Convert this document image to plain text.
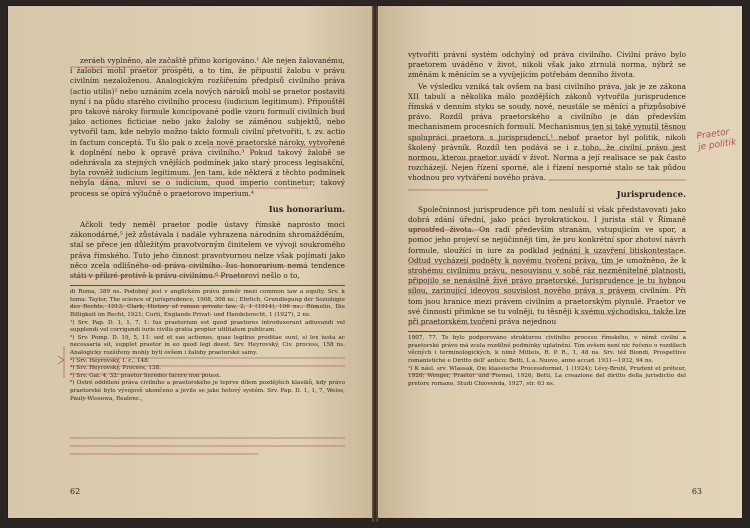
zeráeh vyplněno, ale začaště přímo korigováno.¹ Ale nejen žalovanému, i žalobci mohl praetor prospěti, a to tím, že připustil žalobu v právu civilním nezaloženou. Analogickým rozšířením předpisů civilního práva (actio utilis)² nebo uznáním zcela nových nároků mohl se praetor postaviti nyní i na půdu starého civilního procesu (iudicium legitimum). Připouštěl pro takové nároky formule koncipované podle vzoru formulí civilních bud jako actiones ficticiae nebo jako žaloby se záměnou subjektů, nebo vytvořil tam, kde nebylo možno takto formuli civilní přetvořiti, t. zv. actio in factum conceptá. Tu šlo pak o zcela nové praetorské nároky, vytvořené k doplnění nebo k opravě práva civilního.³ Pokud takový žalobě se odehrávala za stejných vnějších podmínek jako starý process legisakční, byla rovněž iudicium legitimum. Jen tam, kde některá z těchto podmínek nebyla dána, mluví se o iudicium, quod imperio continetur; takový process se opírá výlučně o praetorovo imperium.⁴

Ius honorarium.

Ačkoli tedy neměl praetor podle ústavy římské naprosto moci zákonodárné,⁵ jež zůstávala i nadále vyhrazena národním shromážděním, stal se přece jen důležitým pravotvorným činitelem ve vývoji soukromého práva římského. Tuto jeho činnost pravotvornou nelze však pojímati jako něco zcela odlišného od práva civilního. Ius honorarium nemá tendence státi v přikré protivě k právu civilnímu.⁶ Praetorovi nešlo o to,

di Roma, 389 ns. Podobný jest v anglickém právu poměr mezi common law a equity. Srv. k tomu: Taylor, The science of jurisprudence, 1908, 308 ns.; Ehrlich, Grundlegung der Soziologie des Rechts, 1913; Clark, History of roman private law, 2, 1 (1914), 106 ns.; Rümelin, Die Billigkeit im Recht, 1921; Curti, Englands Privat- und Handelsrecht, 1 (1927), 2 ns.
¹) Srv. Pap. D. 1, 1, 7, 1: Ius praetorium est quod praetores introduxerunt adiuvandi vel supplendi vel corrigendi iuris civilis gratia propter utilitatem publicam.
²) Srv. Pomp. D. 19, 5, 11: sed et eas actiones, quae legibus proditae sunt, si lex iusta ac necessaria sit, supplet praetor in eo quod legi deest. Srv. Heyrovský, Civ. process, 158 ns. Analogicky rozšířeny mohly býti ovšem i žaloby praetorské samy.
³) Srv. Heyrovský, I. c., 148.
⁴) Srv. Heyrovský, Process, 138.
⁵) Srv. Gai. 4, 32: praetor heredes facere non potest.
⁶) Ostré oddělení práva civilního a praetorského je teprve dílem pozdějších klasiků, kdy právo praetorské bylo vývojově ukončeno a jevilo se jako hotový systém. Srv. Pap. D. 1, 1, 7, Weiss, Pauly-Wissowa, Realenc.,
62

vytvořiti právní systém odchylný od práva civilního. Civilní právo bylo praetorem uváděno v život, nikoli však jako ztrnulá norma, nýbrž se změnám k měnícím se a vyvíjejícím potřebám denního života.

Ve výsledku vzniká tak ovšem na basi civilního práva, jak je ze zákona XII tabulí a několika málo pozdějších zákonů vytvořila jurisprudence římská v denním styku se soudy, nové, neustále se měnící a přizpůsobivé právo. Rozdíl práva praetorského a civilního je dán především mechanismem procesních formulí. Mechanismus ten si také vynutil těsnou spolupráci praetora s jurisprudencí,¹ neboť praetor byl politik, nikoli školený právník. Rozdíl ten podává se i z toho, že civilní právo jest normou, kterou praetor uvádí v život. Norma a její realisace se pak často rozcházejí. Nejen řízení sporné, ale i řízení nesporné stalo se tak půdou vhodnou pro vytváření nového práva.

Jurisprudence.

Společninnost jurisprudence při tom nesluší si však představovati jako dobrá zdání úřední, jako práci byrokratickou. I jurista stál v Římaně uprostřed života. On radí především stranám, vstupujícím ve spor, a pomoc jeho projeví se nejúčinněji tím, že pro konkrétní spor zhotoví návrh formule, sloužící in iure za podklad jednání k uzavření litiskontestace. Odtud vycházejí podněty k novému tvoření práva, tím je umožněno, že k strohému civilnímu právu, nesouvisnu v sobě ráz nezměnitelné platnosti, připojilo se nenásilně živé právo praetorské. Jurisprudence je tu hybnou silou, zarinující ideovou souvislost nového práva s právem civilním. Při tom jsou hranice mezi právem civilním a praetorským plynulé. Praetor ve své činnosti přimkne se tu volněji, tu těsněji k svému východisku, takže lze při praetorském tvoření práva nejednou

1907, 77. To bylo podporováno strukturou civilního procesu římského, v němž civilní a praetorské právo má zcela rozdílné podmínky uplatnění. Tím ovšem není nic řečeno o rozdílech věcných i terminologických, k nimž Mitteis, R. P. R., 1, 48 ns. Srv. též Biondi, Prospettive romanistiche e Diritto dell' antico; Betti, L a. Nuovo, anno accad. 1931—1932, 94 ns.
¹) K násl. srv. Wlassak, Die klassische Processformel, 1 (1924); Lévy-Bruhl, Prudent et préteur, 1926; Wenger, Praetor und Formel, 1926; Betti, La creazione del diritto della jurisdictio del pretore romano, Studi Chiovenda, 1927, str. 63 ns.
Praetor je politik
63
